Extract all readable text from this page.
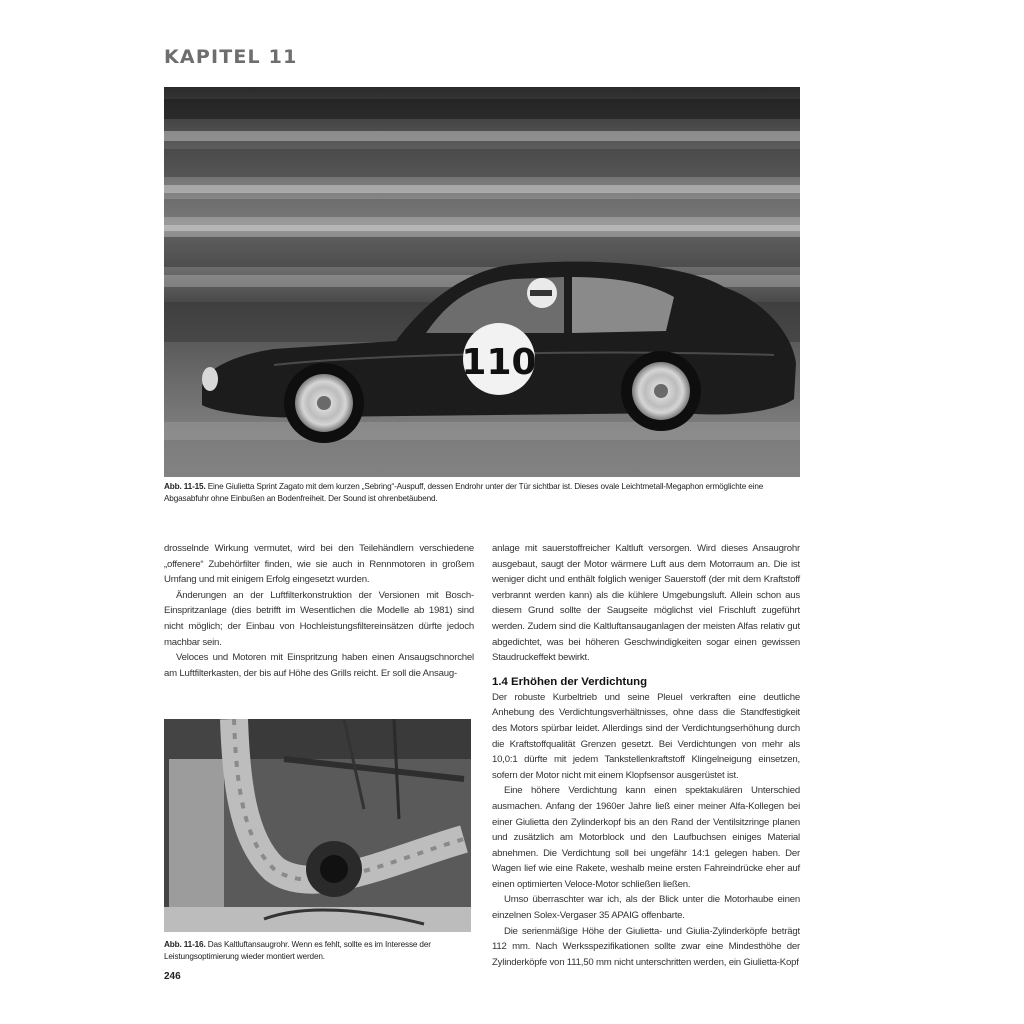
KAPITEL 11
110

Abb. 11-15. Eine Giulietta Sprint Zagato mit dem kurzen „Sebring“-Auspuff, dessen Endrohr unter der Tür sichtbar ist. Dieses ovale Leichtmetall-Megaphon ermöglichte eine Abgasabfuhr ohne Einbußen an Bodenfreiheit. Der Sound ist ohrenbetäubend.

drosselnde Wirkung vermutet, wird bei den Teilehändlern verschiedene „offenere“ Zubehörfilter finden, wie sie auch in Rennmotoren in großem Umfang und mit einigem Erfolg eingesetzt wurden.

Änderungen an der Luftfilterkonstruktion der Versionen mit Bosch-Einspritzanlage (dies betrifft im Wesentlichen die Modelle ab 1981) sind nicht möglich; der Einbau von Hochleistungsfiltereinsätzen dürfte jedoch machbar sein.

Veloces und Motoren mit Einspritzung haben einen Ansaugschnorchel am Luftfilterkasten, der bis auf Höhe des Grills reicht. Er soll die Ansaug-

Abb. 11-16. Das Kaltluftansaugrohr. Wenn es fehlt, sollte es im Interesse der Leistungsoptimierung wieder montiert werden.

anlage mit sauerstoffreicher Kaltluft versorgen. Wird dieses Ansaugrohr ausgebaut, saugt der Motor wärmere Luft aus dem Motorraum an. Die ist weniger dicht und enthält folglich weniger Sauerstoff (der mit dem Kraftstoff verbrannt werden kann) als die kühlere Umgebungsluft. Allein schon aus diesem Grund sollte der Saugseite möglichst viel Frischluft zugeführt werden. Zudem sind die Kaltluftansauganlagen der meisten Alfas relativ gut abgedichtet, was bei höheren Geschwindigkeiten sogar einen gewissen Staudruckeffekt bewirkt.

1.4 Erhöhen der Verdichtung

Der robuste Kurbeltrieb und seine Pleuel verkraften eine deutliche Anhebung des Verdichtungsverhältnisses, ohne dass die Standfestigkeit des Motors spürbar leidet. Allerdings sind der Verdichtungserhöhung durch die Kraftstoffqualität Grenzen gesetzt. Bei Verdichtungen von mehr als 10,0:1 dürfte mit jedem Tankstellenkraftstoff Klingelneigung einsetzen, sofern der Motor nicht mit einem Klopfsensor ausgerüstet ist.

Eine höhere Verdichtung kann einen spektakulären Unterschied ausmachen. Anfang der 1960er Jahre ließ einer meiner Alfa-Kollegen bei einer Giulietta den Zylinderkopf bis an den Rand der Ventilsitzringe planen und zusätzlich am Motorblock und den Laufbuchsen einiges Material abnehmen. Die Verdichtung soll bei ungefähr 14:1 gelegen haben. Der Wagen lief wie eine Rakete, weshalb meine ersten Fahreindrücke eher auf einen optimierten Veloce-Motor schließen ließen.

Umso überraschter war ich, als der Blick unter die Motorhaube einen einzelnen Solex-Vergaser 35 APAIG offenbarte.

Die serienmäßige Höhe der Giulietta- und Giulia-Zylinderköpfe beträgt 112 mm. Nach Werksspezifikationen sollte zwar eine Mindesthöhe der Zylinderköpfe von 111,50 mm nicht unterschritten werden, ein Giulietta-Kopf

246
